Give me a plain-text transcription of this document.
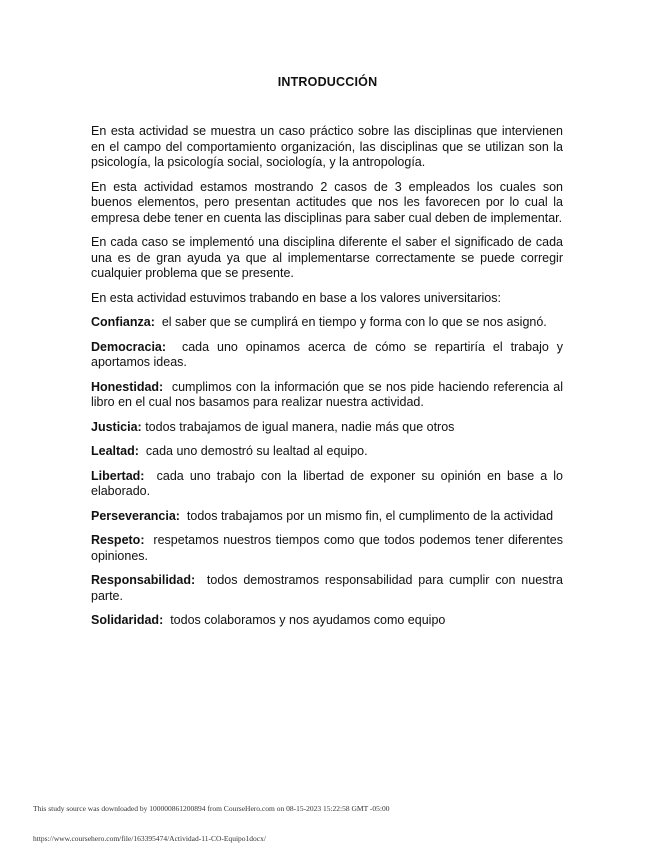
INTRODUCCIÓN

En esta actividad se muestra un caso práctico sobre las disciplinas que intervienen en el campo del comportamiento organización, las disciplinas que se utilizan son la psicología, la psicología social, sociología, y la antropología.

En esta actividad estamos mostrando 2 casos de 3 empleados los cuales son buenos elementos, pero presentan actitudes que nos les favorecen por lo cual la empresa debe tener en cuenta las disciplinas para saber cual deben de implementar.

En cada caso se implementó una disciplina diferente el saber el significado de cada una es de gran ayuda ya que al implementarse correctamente se puede corregir cualquier problema que se presente.

En esta actividad estuvimos trabando en base a los valores universitarios:

Confianza: el saber que se cumplirá en tiempo y forma con lo que se nos asignó.

Democracia: cada uno opinamos acerca de cómo se repartiría el trabajo y aportamos ideas.

Honestidad: cumplimos con la información que se nos pide haciendo referencia al libro en el cual nos basamos para realizar nuestra actividad.

Justicia: todos trabajamos de igual manera, nadie más que otros

Lealtad: cada uno demostró su lealtad al equipo.

Libertad: cada uno trabajo con la libertad de exponer su opinión en base a lo elaborado.

Perseverancia: todos trabajamos por un mismo fin, el cumplimento de la actividad

Respeto: respetamos nuestros tiempos como que todos podemos tener diferentes opiniones.

Responsabilidad: todos demostramos responsabilidad para cumplir con nuestra parte.

Solidaridad: todos colaboramos y nos ayudamos como equipo

This study source was downloaded by 100000861200894 from CourseHero.com on 08-15-2023 15:22:58 GMT -05:00
https://www.coursehero.com/file/163395474/Actividad-11-CO-Equipo1docx/
